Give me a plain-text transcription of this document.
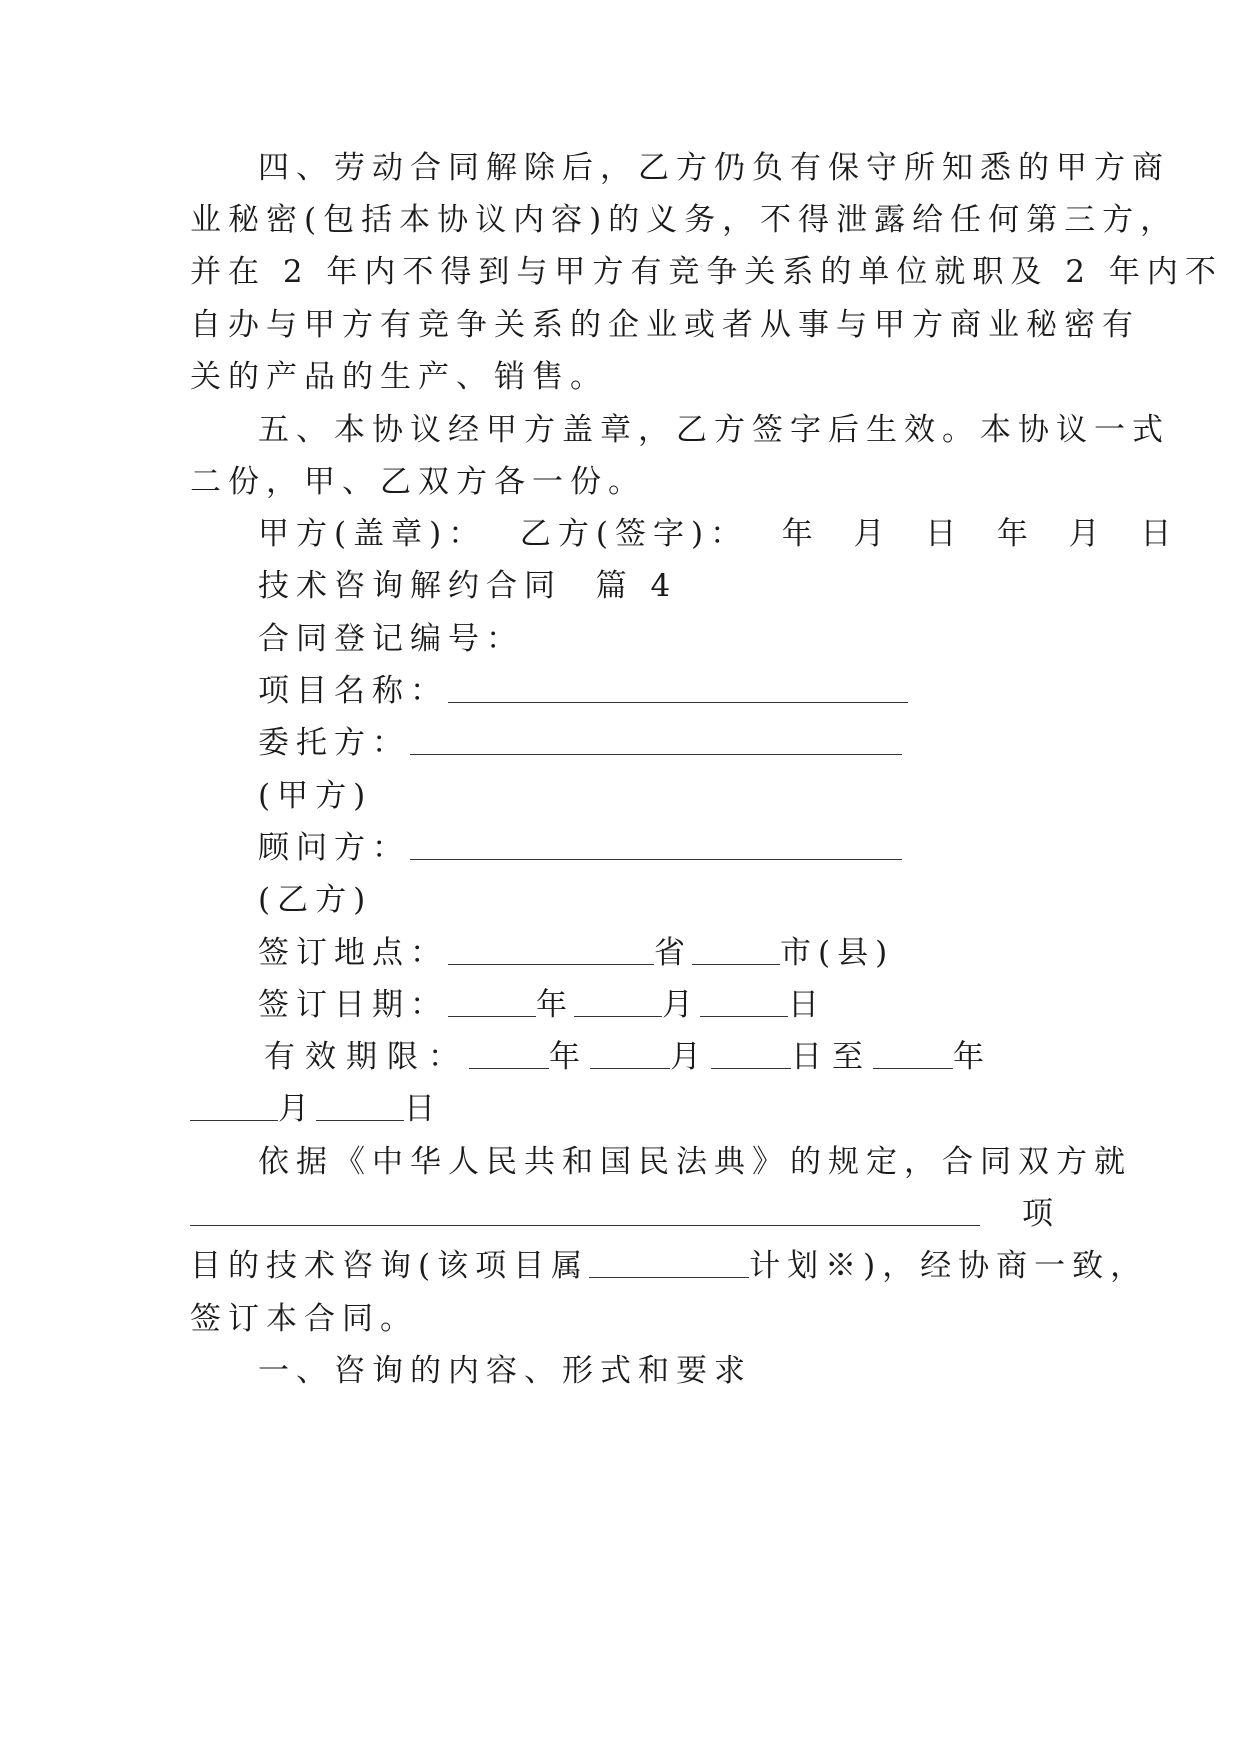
四、劳动合同解除后，乙方仍负有保守所知悉的甲方商
业秘密(包括本协议内容)的义务，不得泄露给任何第三方，
并在 2 年内不得到与甲方有竞争关系的单位就职及 2 年内不
自办与甲方有竞争关系的企业或者从事与甲方商业秘密有
关的产品的生产、销售。
五、本协议经甲方盖章，乙方签字后生效。本协议一式
二份，甲、乙双方各一份。
甲方(盖章)：  乙方(签字)：  年  月  日  年  月  日
技术咨询解约合同  篇 4
合同登记编号：
项目名称：
委托方：
(甲方)
顾问方：
(乙方)
签订地点：	省	市(县)
签订日期：	年	月	日
有效期限：	年	月	日至	年
月	日
依据《中华人民共和国民法典》的规定，合同双方就
项
目的技术咨询(该项目属	计划※)，经协商一致，
签订本合同。
一、咨询的内容、形式和要求
